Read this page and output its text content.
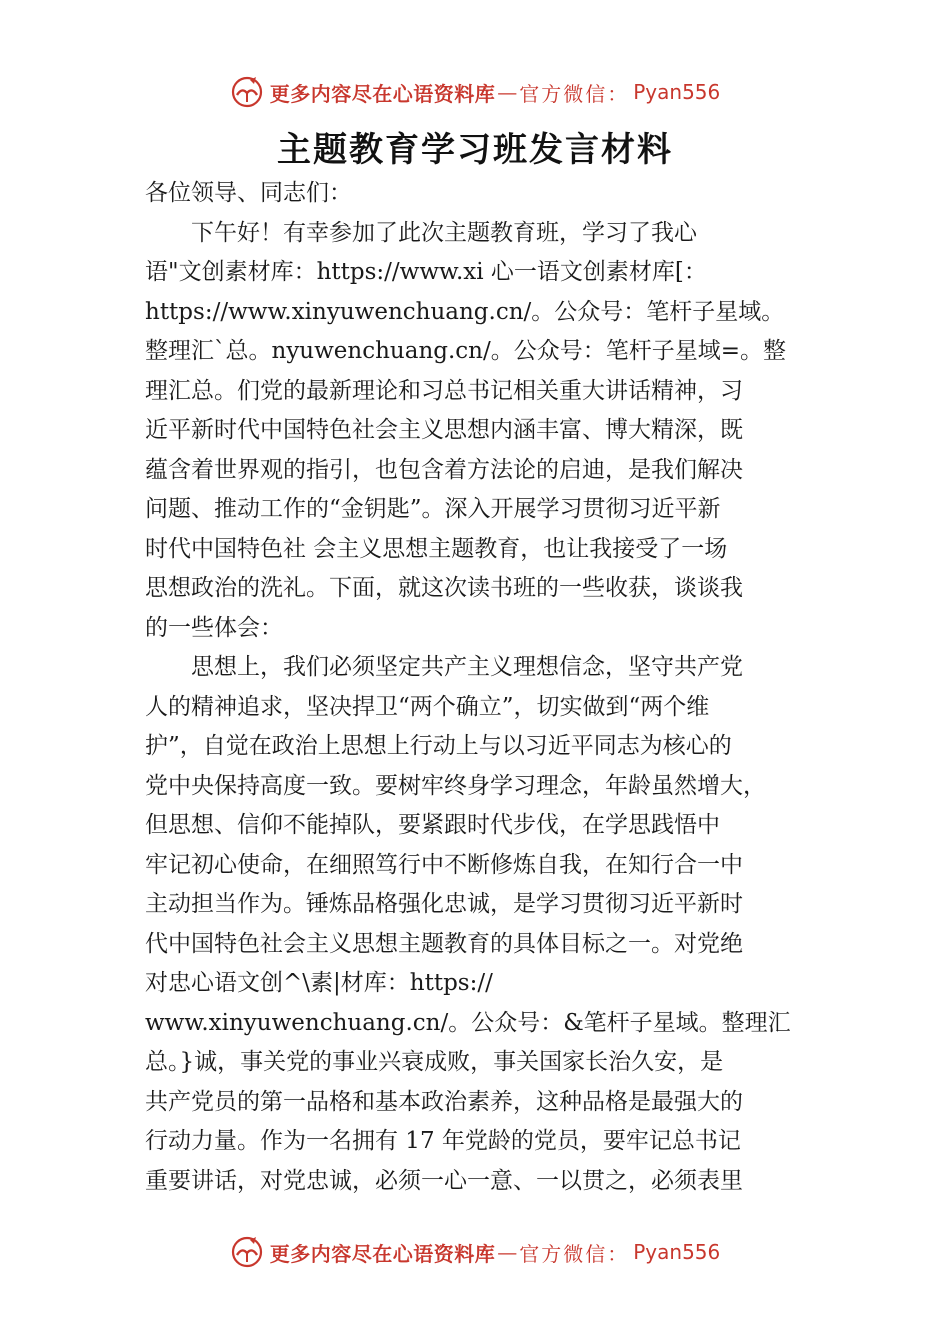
更多内容尽在心语资料库 — 官方微信： Pyan556
主题教育学习班发言材料
各位领导、同志们：
　　下午好！有幸参加了此次主题教育班，学习了我心
语"文创素材库：https://www.xi 心一语文创素材库[：
https://www.xinyuwenchuang.cn/。公众号：笔杆子星域。
整理汇`总。nyuwenchuang.cn/。公众号：笔杆子星域=。整
理汇总。们党的最新理论和习总书记相关重大讲话精神，习
近平新时代中国特色社会主义思想内涵丰富、博大精深，既
蕴含着世界观的指引，也包含着方法论的启迪，是我们解决
问题、推动工作的“金钥匙”。深入开展学习贯彻习近平新
时代中国特色社 会主义思想主题教育，也让我接受了一场
思想政治的洗礼。下面，就这次读书班的一些收获，谈谈我
的一些体会：
　　思想上，我们必须坚定共产主义理想信念，坚守共产党
人的精神追求，坚决捍卫“两个确立”，切实做到“两个维
护”，自觉在政治上思想上行动上与以习近平同志为核心的
党中央保持高度一致。要树牢终身学习理念，年龄虽然增大，
但思想、信仰不能掉队，要紧跟时代步伐，在学思践悟中
牢记初心使命，在细照笃行中不断修炼自我，在知行合一中
主动担当作为。锤炼品格强化忠诚，是学习贯彻习近平新时
代中国特色社会主义思想主题教育的具体目标之一。对党绝
对忠心语文创^\素|材库：https://
www.xinyuwenchuang.cn/。公众号：&笔杆子星域。整理汇
总。}诚，事关党的事业兴衰成败，事关国家长治久安，是
共产党员的第一品格和基本政治素养，这种品格是最强大的
行动力量。作为一名拥有 17 年党龄的党员，要牢记总书记
重要讲话，对党忠诚，必须一心一意、一以贯之，必须表里
更多内容尽在心语资料库 — 官方微信： Pyan556
